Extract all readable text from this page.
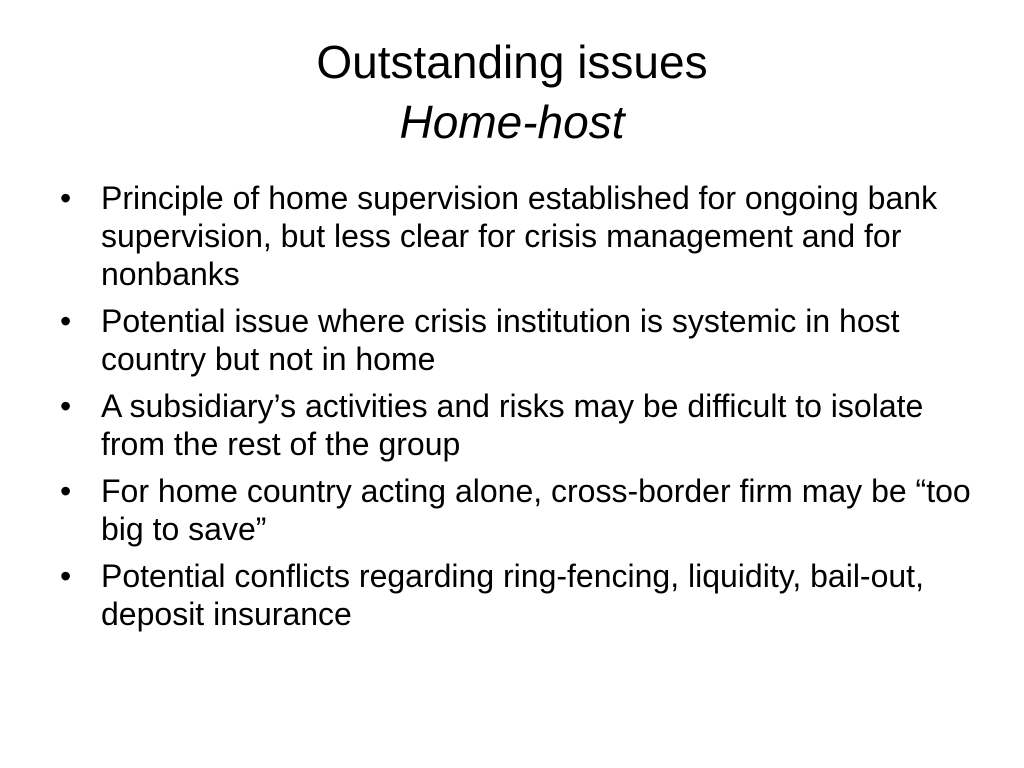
Outstanding issues
Home-host
• Principle of home supervision established for ongoing bank supervision, but less clear for crisis management and for nonbanks
• Potential issue where crisis institution is systemic in host country but not in home
• A subsidiary’s activities and risks may be difficult to isolate from the rest of the group
• For home country acting alone, cross-border firm may be “too big to save”
• Potential conflicts regarding ring-fencing, liquidity, bail-out, deposit insurance
